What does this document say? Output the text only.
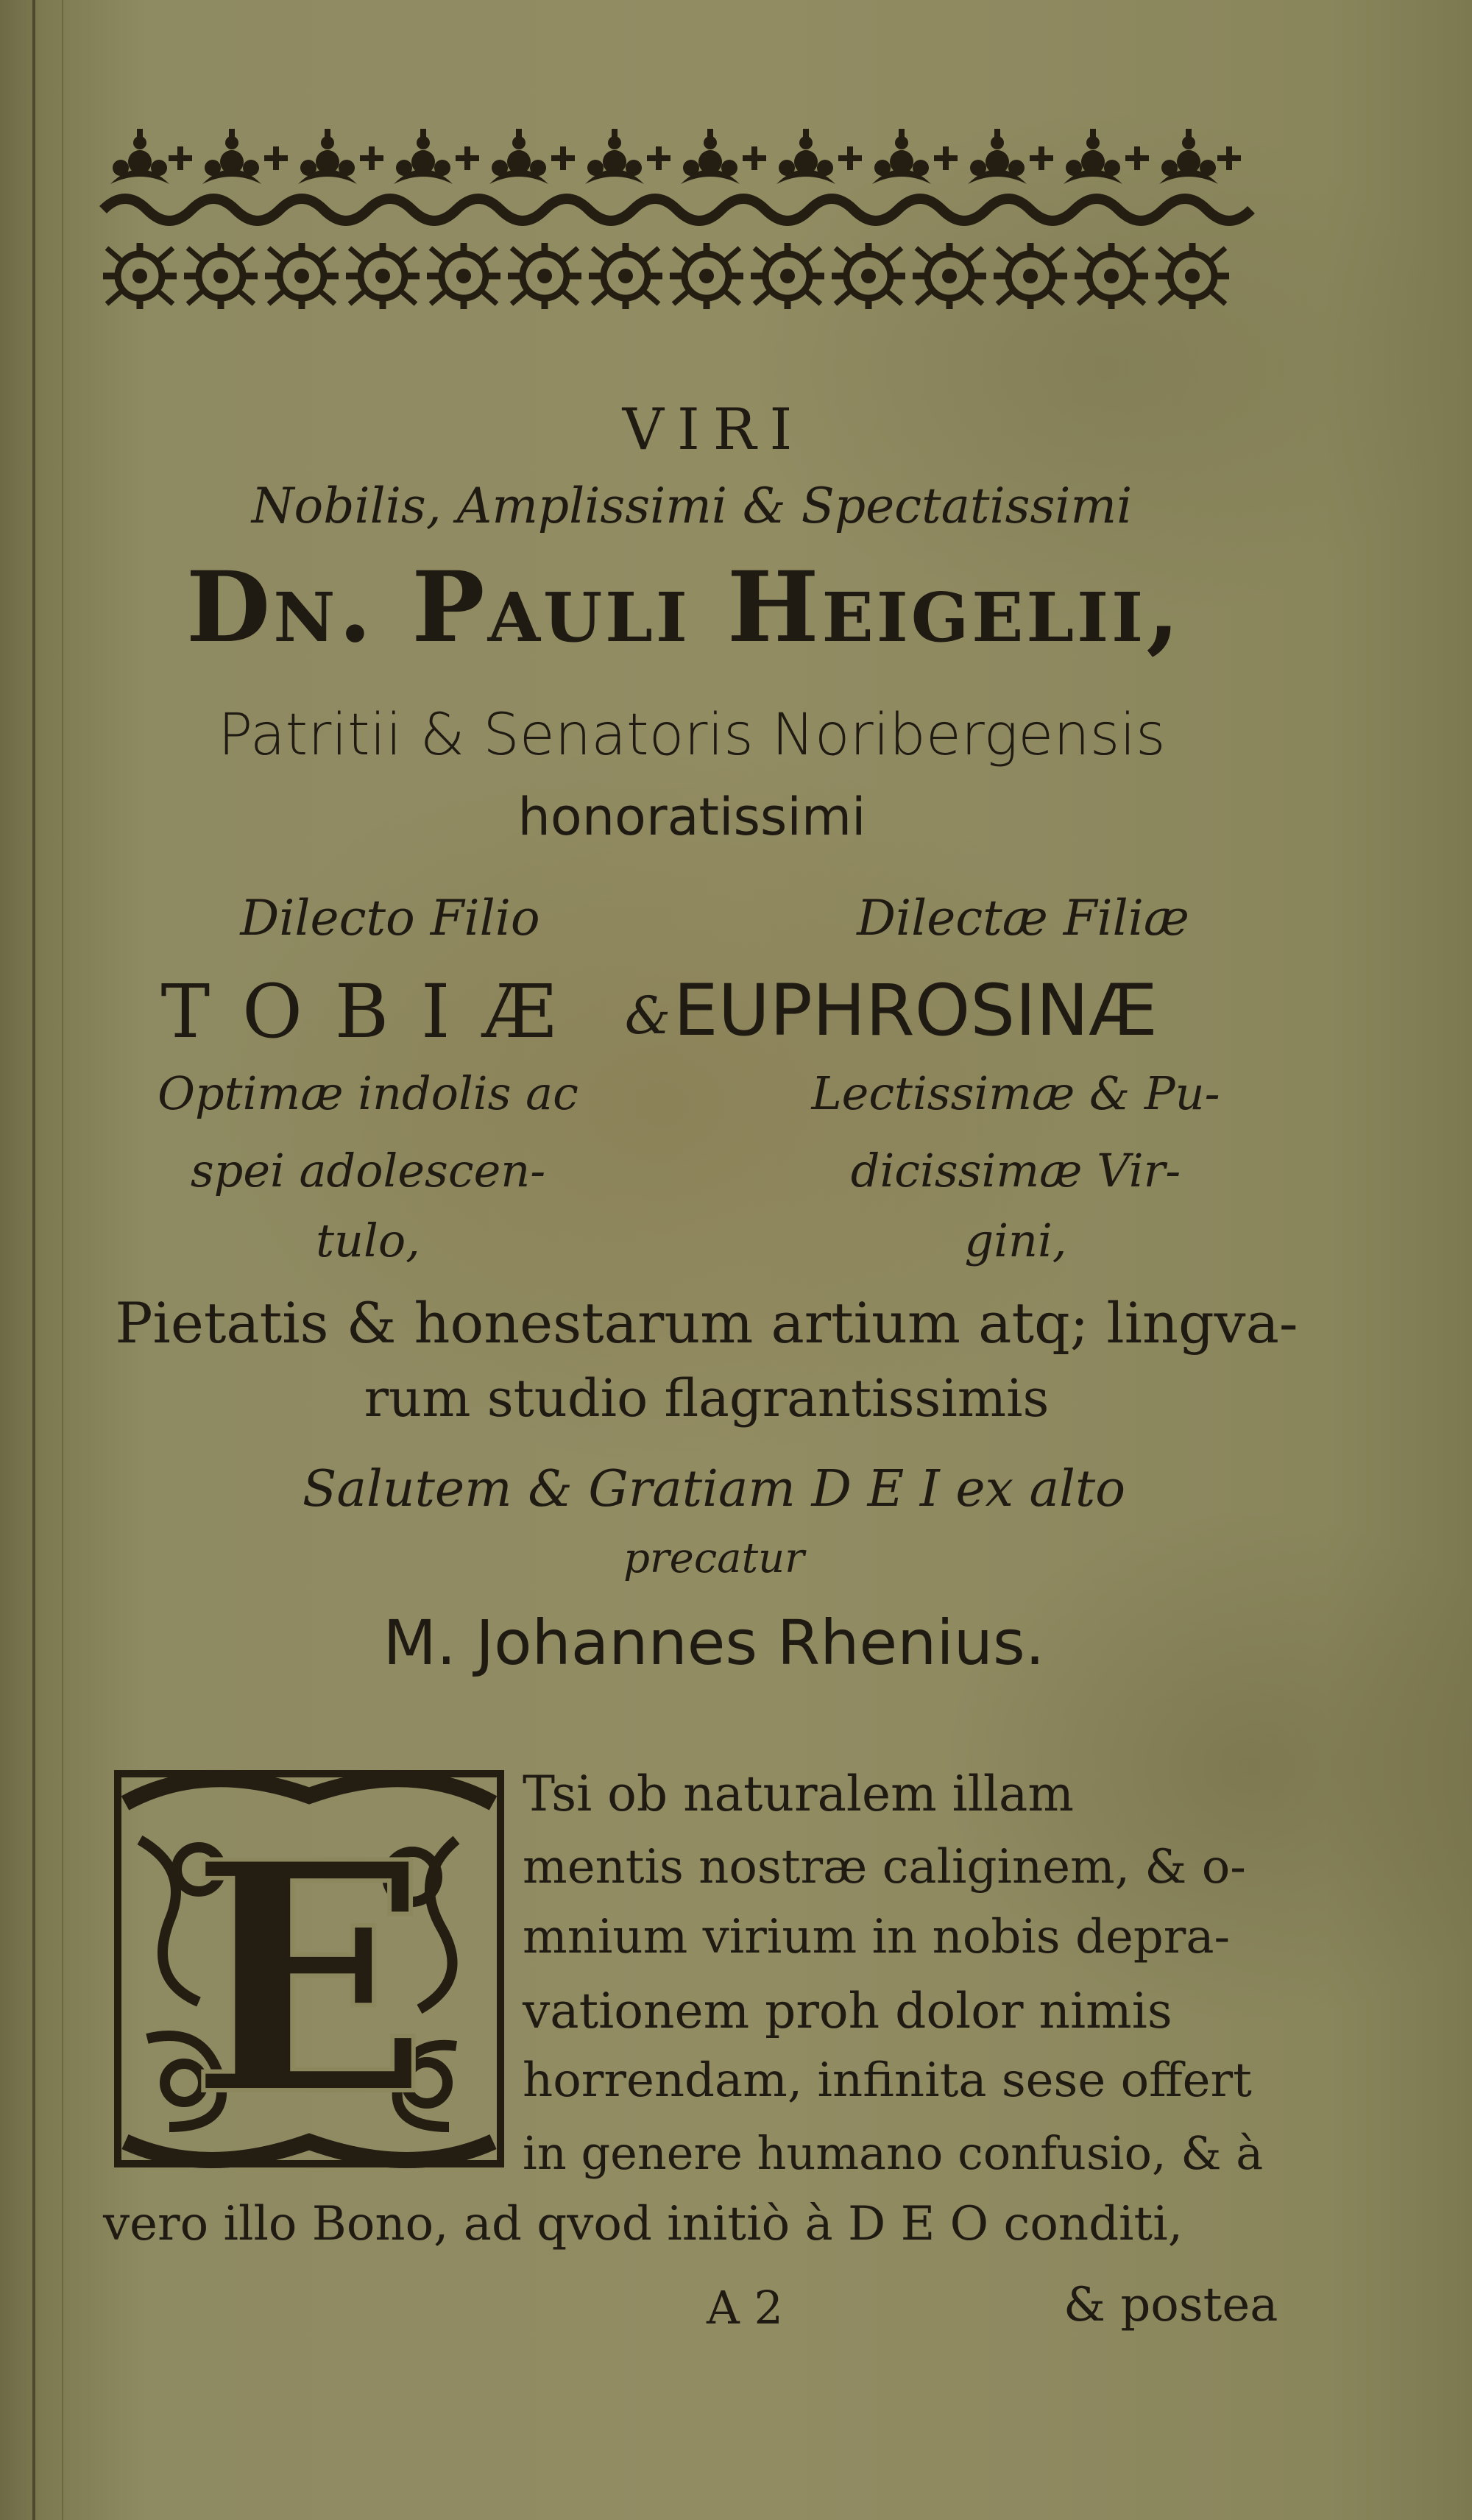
VIRI
Nobilis, Amplissimi & Spectatissimi
Dn. Pauli Heigelii,
Patritii & Senatoris Noribergensis
honoratissimi
Dilecto Filio	Dilectæ Filiæ
T O B I Æ	& EUPHROSINÆ
Optimæ indolis ac
spei adolescen-
tulo,
Lectissimæ & Pu-
dicissimæ Vir-
gini,
Pietatis & honestarum artium atq; lingva-
rum studio flagrantissimis
Salutem & Gratiam D E I ex alto
precatur
M. Johannes Rhenius.
E Tsi ob naturalem illam
mentis nostræ caliginem, & o-
mnium virium in nobis depra-
vationem proh dolor nimis
horrendam, infinita sese offert
in genere humano confusio, & à
vero illo Bono, ad qvod initiò à D E O conditi,
A 2	& postea
